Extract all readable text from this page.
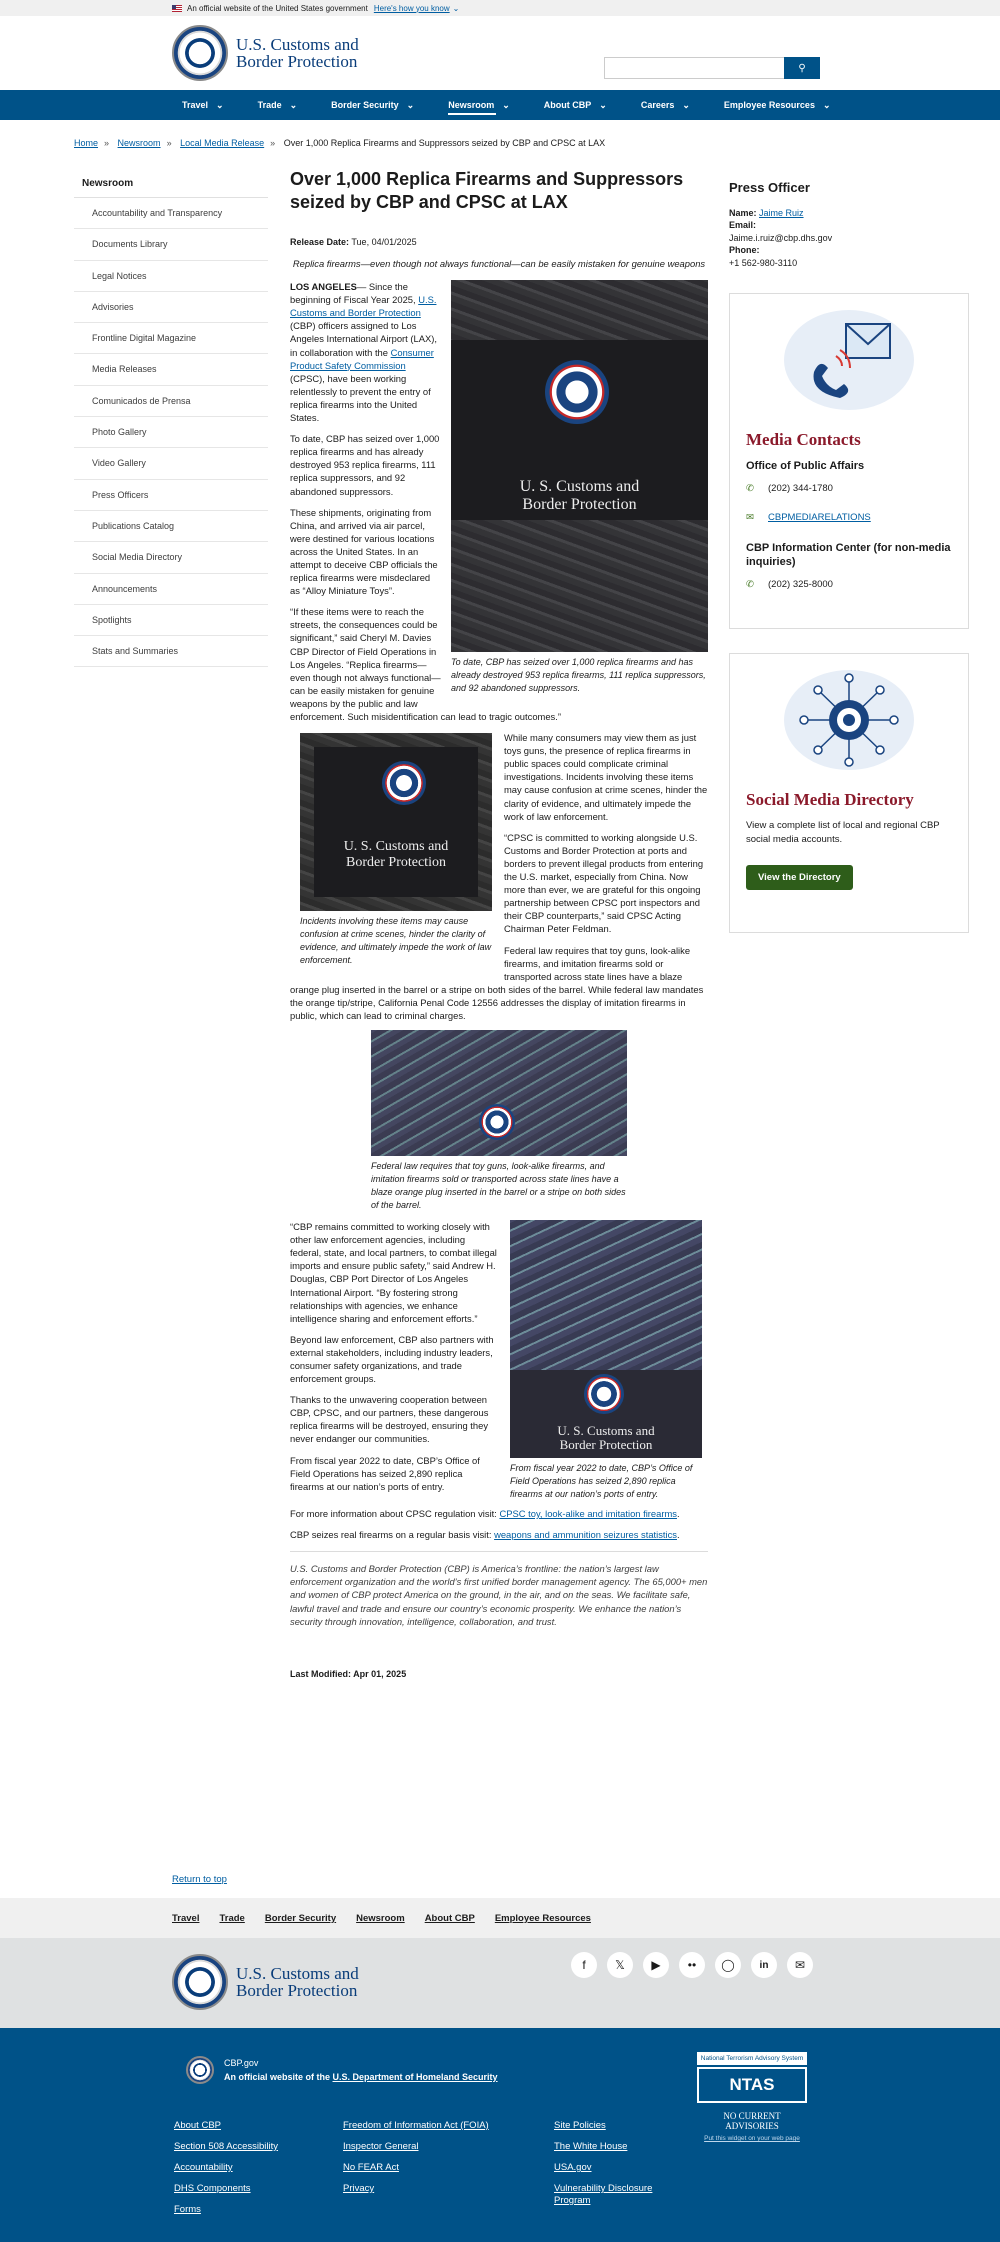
An official website of the United States government Here's how you know ⌄
U.S. Customs and
Border Protection	⚲
Travel ⌄	Trade ⌄	Border Security ⌄	Newsroom ⌄	About CBP ⌄	Careers ⌄	Employee Resources ⌄
Home » Newsroom » Local Media Release » Over 1,000 Replica Firearms and Suppressors seized by CBP and CPSC at LAX
Newsroom
Accountability and Transparency
Documents Library
Legal Notices
Advisories
Frontline Digital Magazine
Media Releases
Comunicados de Prensa
Photo Gallery
Video Gallery
Press Officers
Publications Catalog
Social Media Directory
Announcements
Spotlights
Stats and Summaries
Over 1,000 Replica Firearms and Suppressors seized by CBP and CPSC at LAX
Release Date: Tue, 04/01/2025
Replica firearms—even though not always functional—can be easily mistaken for genuine weapons
U. S. Customs and
Border Protection
To date, CBP has seized over 1,000 replica firearms and has already destroyed 953 replica firearms, 111 replica suppressors, and 92 abandoned suppressors.

LOS ANGELES— Since the beginning of Fiscal Year 2025, U.S. Customs and Border Protection (CBP) officers assigned to Los Angeles International Airport (LAX), in collaboration with the Consumer Product Safety Commission (CPSC), have been working relentlessly to prevent the entry of replica firearms into the United States.

To date, CBP has seized over 1,000 replica firearms and has already destroyed 953 replica firearms, 111 replica suppressors, and 92 abandoned suppressors.

These shipments, originating from China, and arrived via air parcel, were destined for various locations across the United States. In an attempt to deceive CBP officials the replica firearms were misdeclared as “Alloy Miniature Toys”.

“If these items were to reach the streets, the consequences could be significant,” said Cheryl M. Davies CBP Director of Field Operations in Los Angeles. “Replica firearms—even though not always functional—can be easily mistaken for genuine weapons by the public and law enforcement. Such misidentification can lead to tragic outcomes.”

U. S. Customs and
Border Protection
Incidents involving these items may cause confusion at crime scenes, hinder the clarity of evidence, and ultimately impede the work of law enforcement.

While many consumers may view them as just toys guns, the presence of replica firearms in public spaces could complicate criminal investigations. Incidents involving these items may cause confusion at crime scenes, hinder the clarity of evidence, and ultimately impede the work of law enforcement.

“CPSC is committed to working alongside U.S. Customs and Border Protection at ports and borders to prevent illegal products from entering the U.S. market, especially from China. Now more than ever, we are grateful for this ongoing partnership between CPSC port inspectors and their CBP counterparts,” said CPSC Acting Chairman Peter Feldman.

Federal law requires that toy guns, look-alike firearms, and imitation firearms sold or transported across state lines have a blaze orange plug inserted in the barrel or a stripe on both sides of the barrel. While federal law mandates the orange tip/stripe, California Penal Code 12556 addresses the display of imitation firearms in public, which can lead to criminal charges.

Federal law requires that toy guns, look-alike firearms, and imitation firearms sold or transported across state lines have a blaze orange plug inserted in the barrel or a stripe on both sides of the barrel.
U. S. Customs and
Border Protection
From fiscal year 2022 to date, CBP’s Office of Field Operations has seized 2,890 replica firearms at our nation’s ports of entry.

“CBP remains committed to working closely with other law enforcement agencies, including federal, state, and local partners, to combat illegal imports and ensure public safety,” said Andrew H. Douglas, CBP Port Director of Los Angeles International Airport. “By fostering strong relationships with agencies, we enhance intelligence sharing and enforcement efforts.”

Beyond law enforcement, CBP also partners with external stakeholders, including industry leaders, consumer safety organizations, and trade enforcement groups.

Thanks to the unwavering cooperation between CBP, CPSC, and our partners, these dangerous replica firearms will be destroyed, ensuring they never endanger our communities.

From fiscal year 2022 to date, CBP’s Office of Field Operations has seized 2,890 replica firearms at our nation’s ports of entry.

For more information about CPSC regulation visit: CPSC toy, look-alike and imitation firearms.

CBP seizes real firearms on a regular basis visit: weapons and ammunition seizures statistics.

U.S. Customs and Border Protection (CBP) is America’s frontline: the nation’s largest law enforcement organization and the world’s first unified border management agency. The 65,000+ men and women of CBP protect America on the ground, in the air, and on the seas. We facilitate safe, lawful travel and trade and ensure our country’s economic prosperity. We enhance the nation’s security through innovation, intelligence, collaboration, and trust.
Last Modified: Apr 01, 2025
Press Officer
Name: Jaime Ruiz
Email:
Jaime.i.ruiz@cbp.dhs.gov
Phone:
+1 562-980-3110
Media Contacts
Office of Public Affairs
✆	(202) 344-1780
✉	CBPMEDIARELATIONS
CBP Information Center (for non-media inquiries)
✆	(202) 325-8000
Social Media Directory

View a complete list of local and regional CBP social media accounts.

View the Directory
Return to top
Travel Trade Border Security Newsroom About CBP Employee Resources
U.S. Customs and
Border Protection
f	𝕏	▶	••	◯	in	✉
CBP.gov
An official website of the U.S. Department of Homeland Security
About CBP
Section 508 Accessibility
Accountability
DHS Components
Forms
Freedom of Information Act (FOIA)
Inspector General
No FEAR Act
Privacy
Site Policies
The White House
USA.gov
Vulnerability Disclosure Program
National Terrorism Advisory System
NTAS
NO CURRENT ADVISORIES
Put this widget on your web page
